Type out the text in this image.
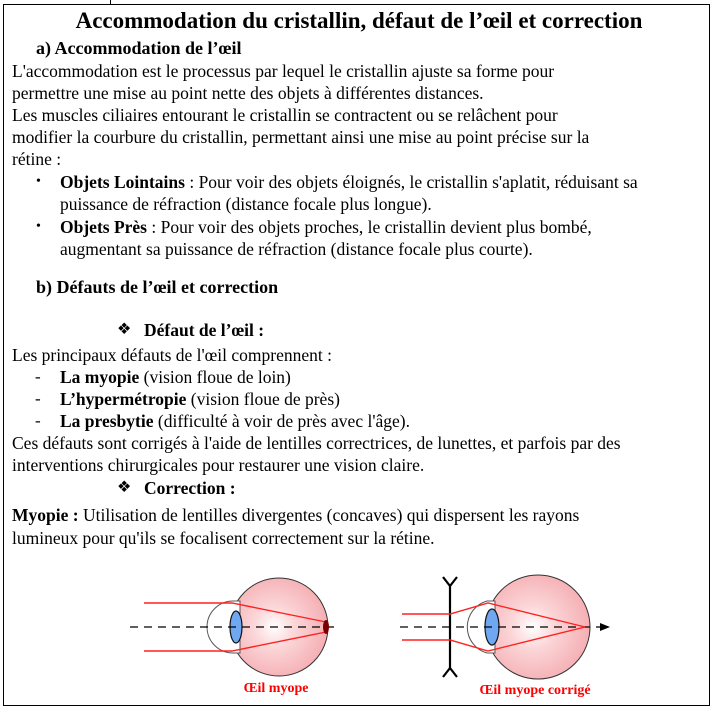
Accommodation du cristallin, défaut de l’œil et correction
a) Accommodation de l’œil
L'accommodation est le processus par lequel le cristallin ajuste sa forme pour
permettre une mise au point nette des objets à différentes distances.
Les muscles ciliaires entourant le cristallin se contractent ou se relâchent pour
modifier la courbure du cristallin, permettant ainsi une mise au point précise sur la
rétine :
• Objets Lointains : Pour voir des objets éloignés, le cristallin s'aplatit, réduisant sa
puissance de réfraction (distance focale plus longue).
• Objets Près : Pour voir des objets proches, le cristallin devient plus bombé,
augmentant sa puissance de réfraction (distance focale plus courte).
b) Défauts de l’œil et correction
❖ Défaut de l’œil :
Les principaux défauts de l'œil comprennent :
- La myopie (vision floue de loin)
- L’hypermétropie (vision floue de près)
- La presbytie (difficulté à voir de près avec l'âge).
Ces défauts sont corrigés à l'aide de lentilles correctrices, de lunettes, et parfois par des
interventions chirurgicales pour restaurer une vision claire.
❖ Correction :
Myopie : Utilisation de lentilles divergentes (concaves) qui dispersent les rayons
lumineux pour qu'ils se focalisent correctement sur la rétine.
Œil myope	Œil myope corrigé
